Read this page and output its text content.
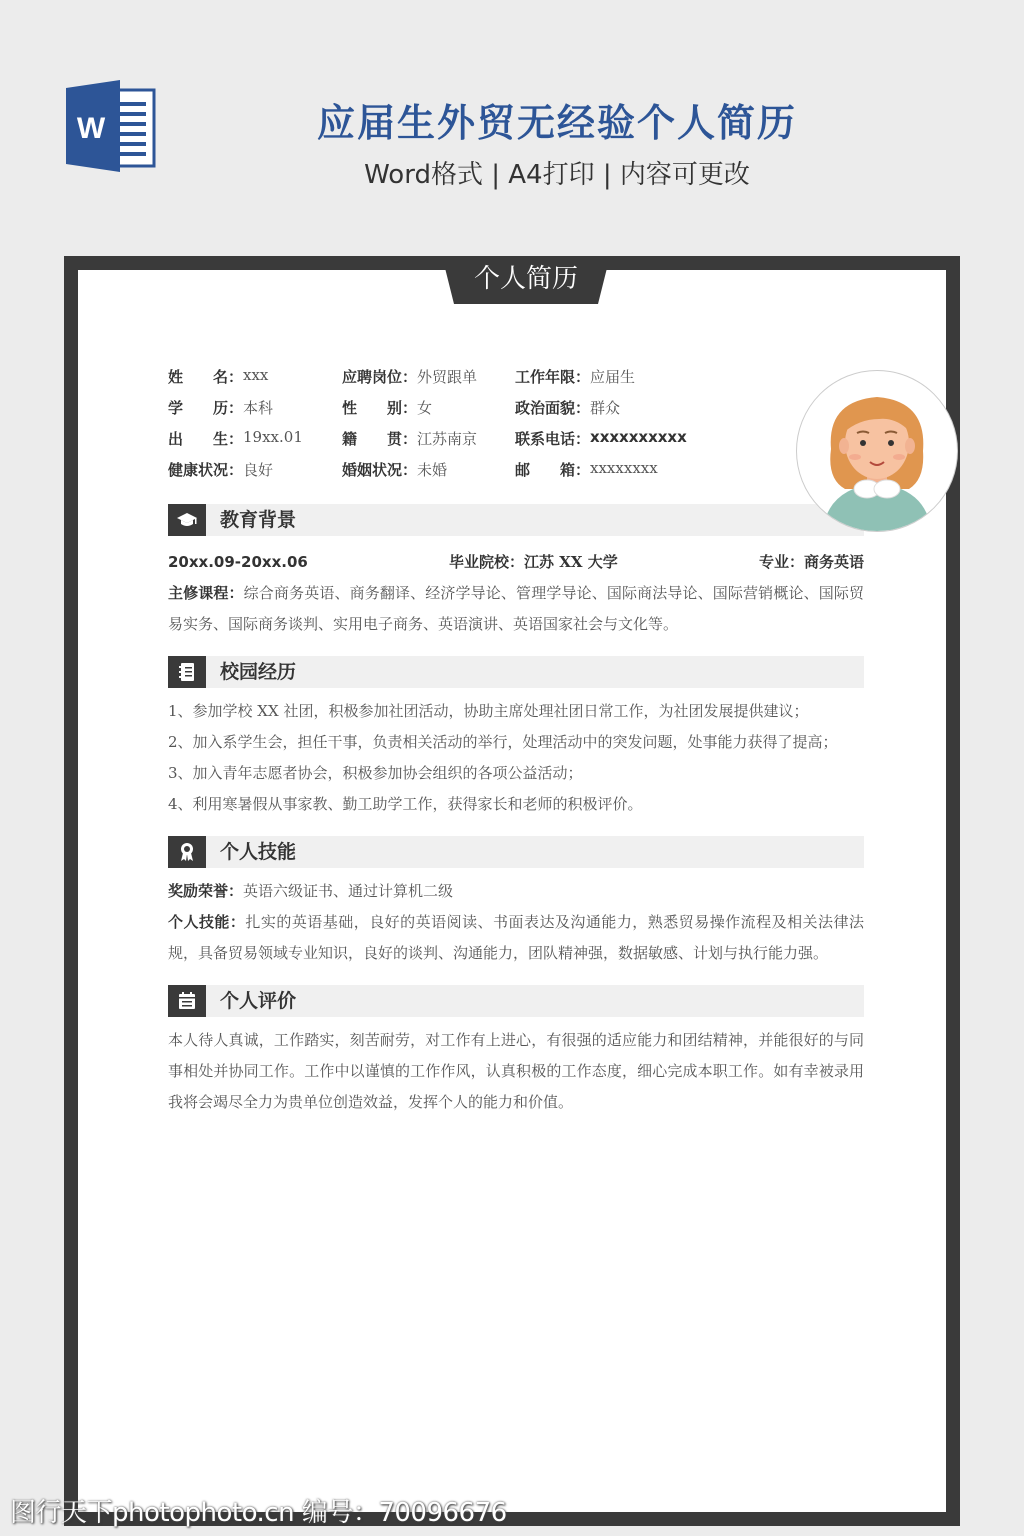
W	应届生外贸无经验个人简历
Word格式 | A4打印 | 内容可更改
个人简历
姓　　名： xxx	应聘岗位： 外贸跟单	工作年限： 应届生
学　　历： 本科	性　　别： 女	政治面貌： 群众
出　　生： 19xx.01	籍　　贯： 江苏南京	联系电话： xxxxxxxxxx
健康状况： 良好	婚姻状况： 未婚	邮　　箱： xxxxxxxx
教育背景
20xx.09-20xx.06	毕业院校：江苏 XX 大学	专业：商务英语
主修课程：综合商务英语、商务翻译、经济学导论、管理学导论、国际商法导论、国际营销概论、国际贸易实务、国际商务谈判、实用电子商务、英语演讲、英语国家社会与文化等。
校园经历
1、参加学校 XX 社团，积极参加社团活动，协助主席处理社团日常工作，为社团发展提供建议；
2、加入系学生会，担任干事，负责相关活动的举行，处理活动中的突发问题，处事能力获得了提高；
3、加入青年志愿者协会，积极参加协会组织的各项公益活动；
4、利用寒暑假从事家教、勤工助学工作，获得家长和老师的积极评价。
个人技能
奖励荣誉：英语六级证书、通过计算机二级
个人技能：扎实的英语基础，良好的英语阅读、书面表达及沟通能力，熟悉贸易操作流程及相关法律法规，具备贸易领域专业知识，良好的谈判、沟通能力，团队精神强，数据敏感、计划与执行能力强。
个人评价
本人待人真诚，工作踏实，刻苦耐劳，对工作有上进心，有很强的适应能力和团结精神，并能很好的与同事相处并协同工作。工作中以谨慎的工作作风，认真积极的工作态度，细心完成本职工作。如有幸被录用我将会竭尽全力为贵单位创造效益，发挥个人的能力和价值。
图行天下photophoto.cn 编号：70096676
